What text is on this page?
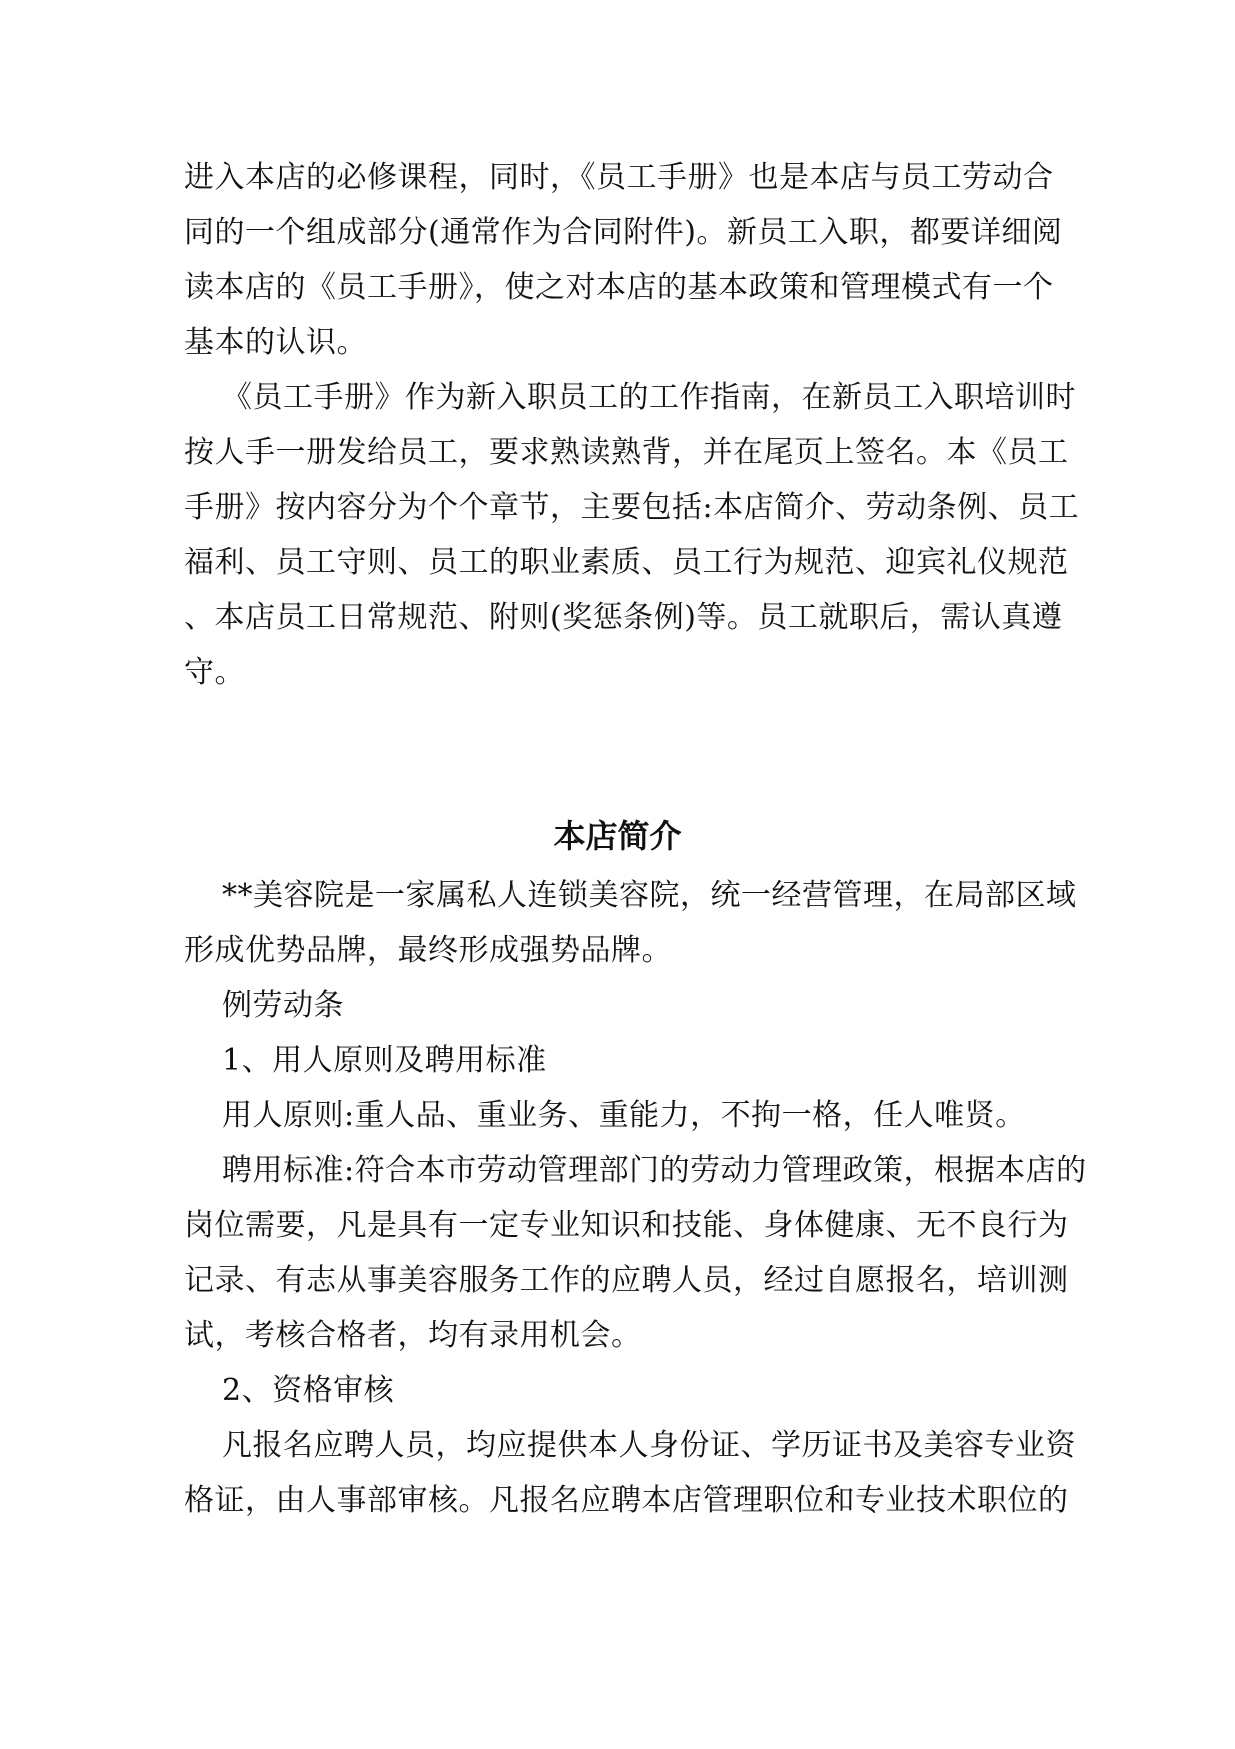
进入本店的必修课程，同时，《员工手册》也是本店与员工劳动合
同的一个组成部分(通常作为合同附件)。新员工入职，都要详细阅
读本店的《员工手册》，使之对本店的基本政策和管理模式有一个
基本的认识。
《员工手册》作为新入职员工的工作指南，在新员工入职培训时
按人手一册发给员工，要求熟读熟背，并在尾页上签名。本《员工
手册》按内容分为个个章节，主要包括:本店简介、劳动条例、员工
福利、员工守则、员工的职业素质、员工行为规范、迎宾礼仪规范
、本店员工日常规范、附则(奖惩条例)等。员工就职后，需认真遵
守。
本店简介
**美容院是一家属私人连锁美容院，统一经营管理，在局部区域
形成优势品牌，最终形成强势品牌。
例劳动条
1、用人原则及聘用标准
用人原则:重人品、重业务、重能力，不拘一格，任人唯贤。
聘用标准:符合本市劳动管理部门的劳动力管理政策，根据本店的
岗位需要，凡是具有一定专业知识和技能、身体健康、无不良行为
记录、有志从事美容服务工作的应聘人员，经过自愿报名，培训测
试，考核合格者，均有录用机会。
2、资格审核
凡报名应聘人员，均应提供本人身份证、学历证书及美容专业资
格证，由人事部审核。凡报名应聘本店管理职位和专业技术职位的
